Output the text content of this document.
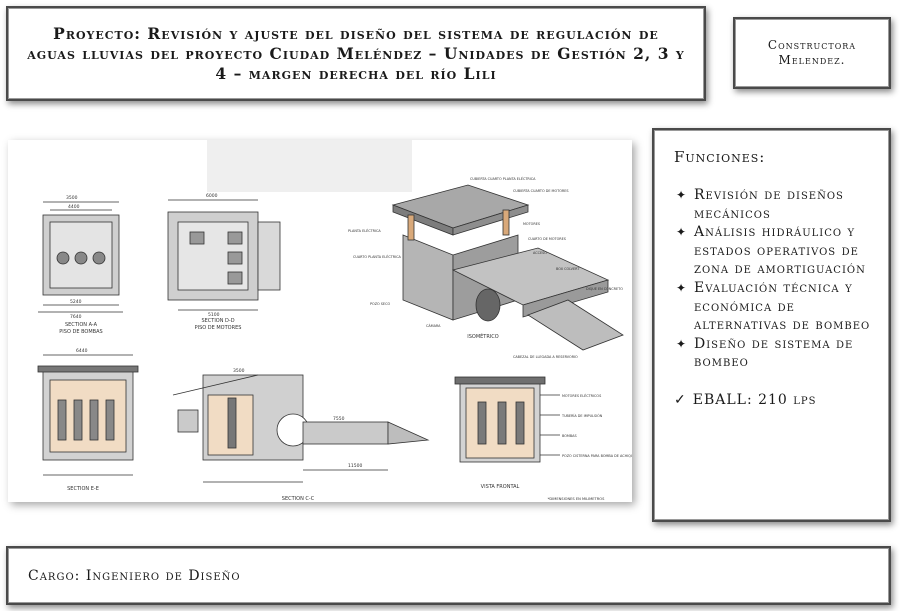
Proyecto: Revisión y ajuste del diseño del sistema de regulación de aguas lluvias del proyecto Ciudad Meléndez – Unidades de Gestión 2, 3 y 4 – margen derecha del río Lili
Constructora Melendez.
3500
4400
5240
7640
6000
5100
6440
3500
11500
7550
SECTION A-A
PISO DE BOMBAS
SECTION D-D
PISO DE MOTORES
ISOMÉTRICO
SECTION E-E
SECTION C-C
VISTA FRONTAL
*DIMENSIONES EN MILIMETROS
CUBIERTA CUARTO PLANTA ELÉCTRICA
CUBIERTA CUARTO DE MOTORES
PLANTA ELÉCTRICA
MOTORES
CUARTO DE MOTORES
ACCESO
CUARTO PLANTA ELÉCTRICA
BOX COLVERT
DIQUE EN CONCRETO
CÁMARA
POZO SECO
CABEZAL DE LLEGADA A RESERVORIO
MOTORES ELÉCTRICOS
TUBERÍA DE IMPULSIÓN
BOMBAS
POZO CISTERNA PARA BOMBA DE ACHIQUE
Funciones:
✦ Revisión de diseños mecánicos
✦ Análisis hidráulico y estados operativos de zona de amortiguación
✦ Evaluación técnica y económica de alternativas de bombeo
✦ Diseño de sistema de bombeo
✓ EBALL: 210 lps
Cargo: Ingeniero de Diseño
